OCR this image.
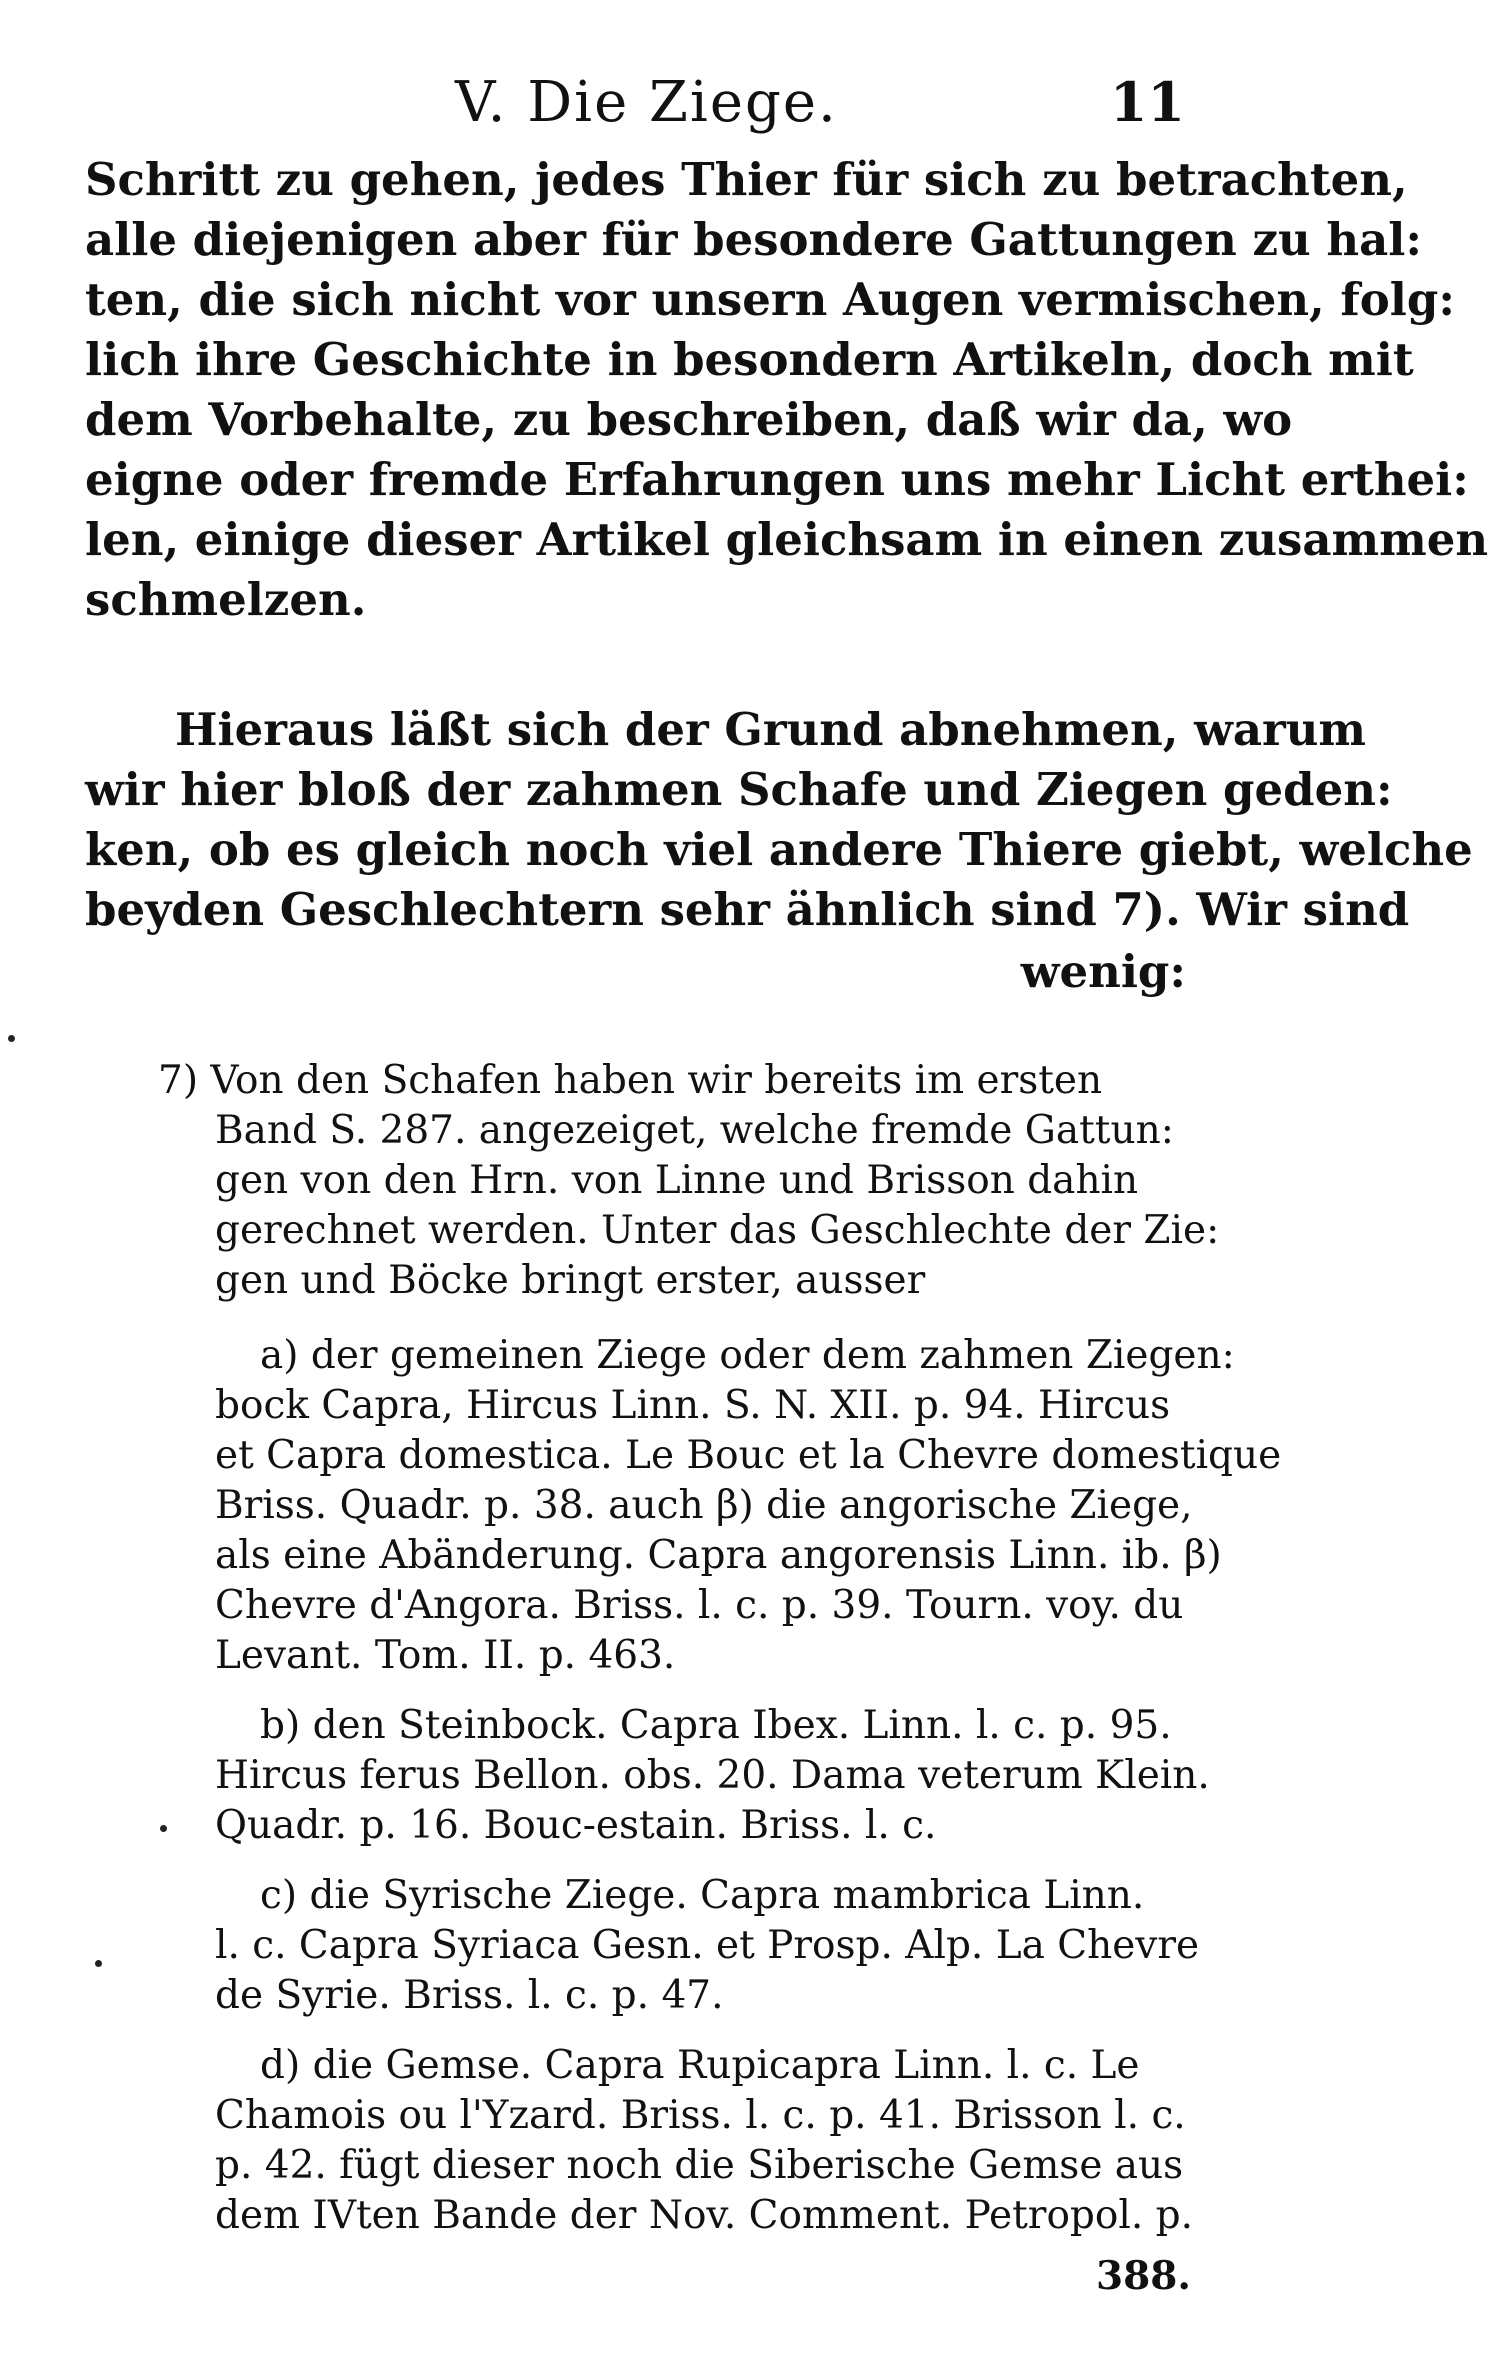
V. Die Ziege.	11
Schritt zu gehen, jedes Thier für sich zu betrachten,
alle diejenigen aber für besondere Gattungen zu hal:
ten, die sich nicht vor unsern Augen vermischen, folg:
lich ihre Geschichte in besondern Artikeln, doch mit
dem Vorbehalte, zu beschreiben, daß wir da, wo
eigne oder fremde Erfahrungen uns mehr Licht erthei:
len, einige dieser Artikel gleichsam in einen zusammen
schmelzen.
Hieraus läßt sich der Grund abnehmen, warum
wir hier bloß der zahmen Schafe und Ziegen geden:
ken, ob es gleich noch viel andere Thiere giebt, welche
beyden Geschlechtern sehr ähnlich sind 7). Wir sind
wenig:
7) Von den Schafen haben wir bereits im ersten
Band S. 287. angezeiget, welche fremde Gattun:
gen von den Hrn. von Linne und Brisson dahin
gerechnet werden. Unter das Geschlechte der Zie:
gen und Böcke bringt erster, ausser
a) der gemeinen Ziege oder dem zahmen Ziegen:
bock Capra, Hircus Linn. S. N. XII. p. 94. Hircus
et Capra domestica. Le Bouc et la Chevre domestique
Briss. Quadr. p. 38. auch β) die angorische Ziege,
als eine Abänderung. Capra angorensis Linn. ib. β)
Chevre d'Angora. Briss. l. c. p. 39. Tourn. voy. du
Levant. Tom. II. p. 463.
b) den Steinbock. Capra Ibex. Linn. l. c. p. 95.
Hircus ferus Bellon. obs. 20. Dama veterum Klein.
Quadr. p. 16. Bouc-estain. Briss. l. c.
c) die Syrische Ziege. Capra mambrica Linn.
l. c. Capra Syriaca Gesn. et Prosp. Alp. La Chevre
de Syrie. Briss. l. c. p. 47.
d) die Gemse. Capra Rupicapra Linn. l. c. Le
Chamois ou l'Yzard. Briss. l. c. p. 41. Brisson l. c.
p. 42. fügt dieser noch die Siberische Gemse aus
dem IVten Bande der Nov. Comment. Petropol. p.
388.
